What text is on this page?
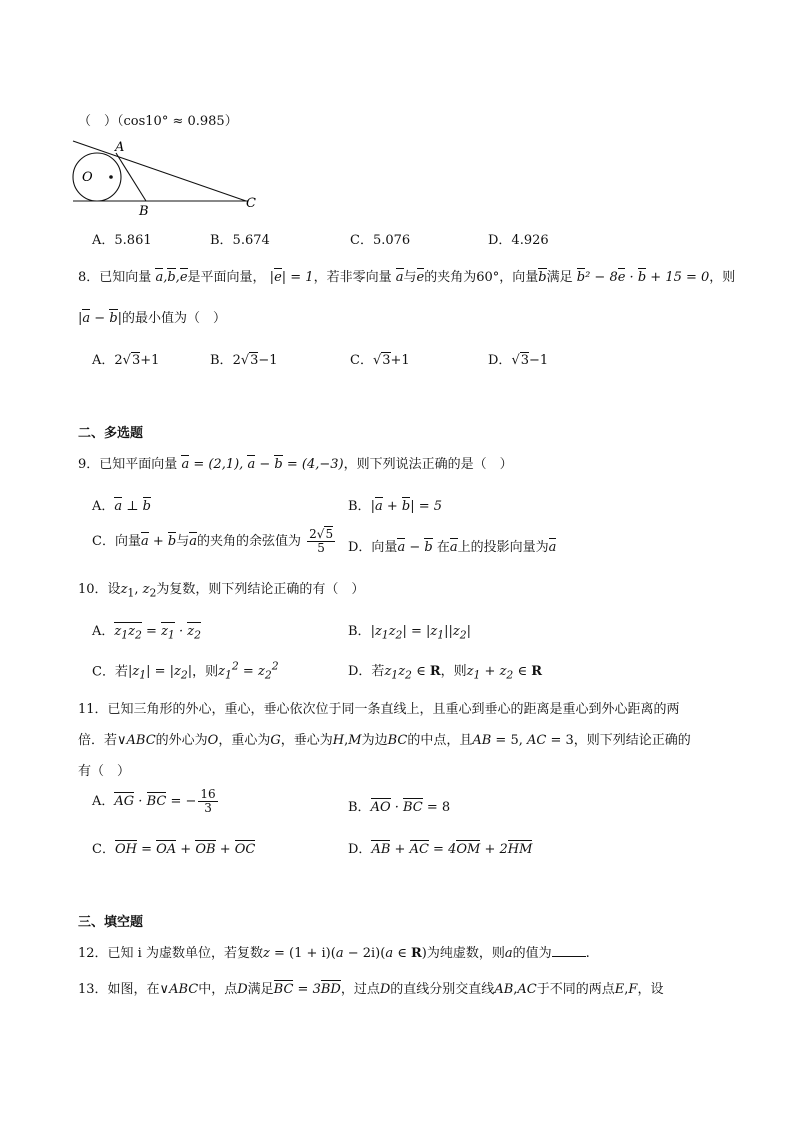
（　）（cos10° ≈ 0.985）
A
B
C
O
A．5.861	B．5.674	C．5.076	D．4.926
8．已知向量 a,b,e是平面向量， |e| = 1，若非零向量 a与e的夹角为60°，向量b满足 b² − 8e · b + 15 = 0，则
|a − b|的最小值为（　）
A．2√3+1	B．2√3−1	C．√3+1	D．√3−1
二、多选题
9．已知平面向量 a = (2,1), a − b = (4,−3)，则下列说法正确的是（　）
A．a ⊥ b	B．|a + b| = 5
C．向量a + b与a的夹角的余弦值为 $\frac{2√5}{5}$ D．向量a − b 在a上的投影向量为a
10．设$z_1$, $z_2$为复数，则下列结论正确的有（　）
A．$z_1z_2 = z_1 \cdot z_2$	B．$|z_1z_2| = |z_1||z_2|$
C．若$|z_1| = |z_2|$，则$z_1^2 = z_2^2$	D．若$z_1z_2$ ∈ R，则$z_1 + z_2$ ∈ R
11．已知三角形的外心，重心，垂心依次位于同一条直线上，且重心到垂心的距离是重心到外心距离的两
倍．若∨ABC的外心为O，重心为G，垂心为H,M为边BC的中点，且AB = 5, AC = 3，则下列结论正确的
有（　）
A．AG · BC = − $\frac{16}{3}$	B．AO · BC = 8
C．OH = OA + OB + OC	D．AB + AC = 4OM + 2HM
三、填空题
12．已知 i 为虚数单位，若复数z = (1 + i)(a − 2i)(a ∈ R)为纯虚数，则a的值为	.
13．如图，在∨ABC中，点D满足BC = 3BD，过点D的直线分别交直线AB,AC于不同的两点E,F，设
